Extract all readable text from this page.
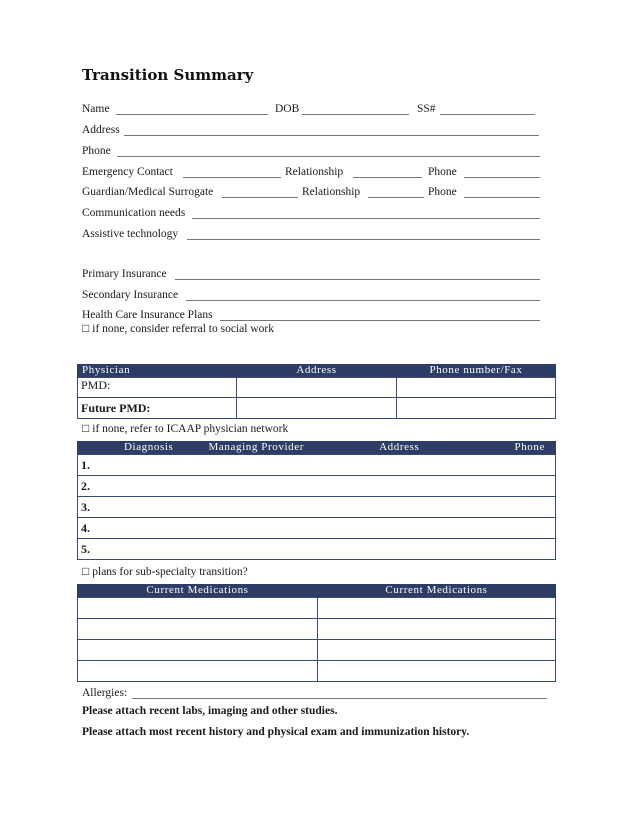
Transition Summary
Name	DOB	SS#
Address
Phone
Emergency Contact	Relationship	Phone
Guardian/Medical Surrogate	Relationship	Phone
Communication needs
Assistive technology
Primary Insurance
Secondary Insurance
Health Care Insurance Plans
□ if none, consider referral to social work
Physician	Address	Phone number/Fax
PMD:		
Future PMD:		
□ if none, refer to ICAAP physician network
Diagnosis	Managing Provider	Address	Phone

1.
2.
3.
4.
5.
□ plans for sub-specialty transition?
Current Medications	Current Medications

Allergies:
Please attach recent labs, imaging and other studies.
Please attach most recent history and physical exam and immunization history.
